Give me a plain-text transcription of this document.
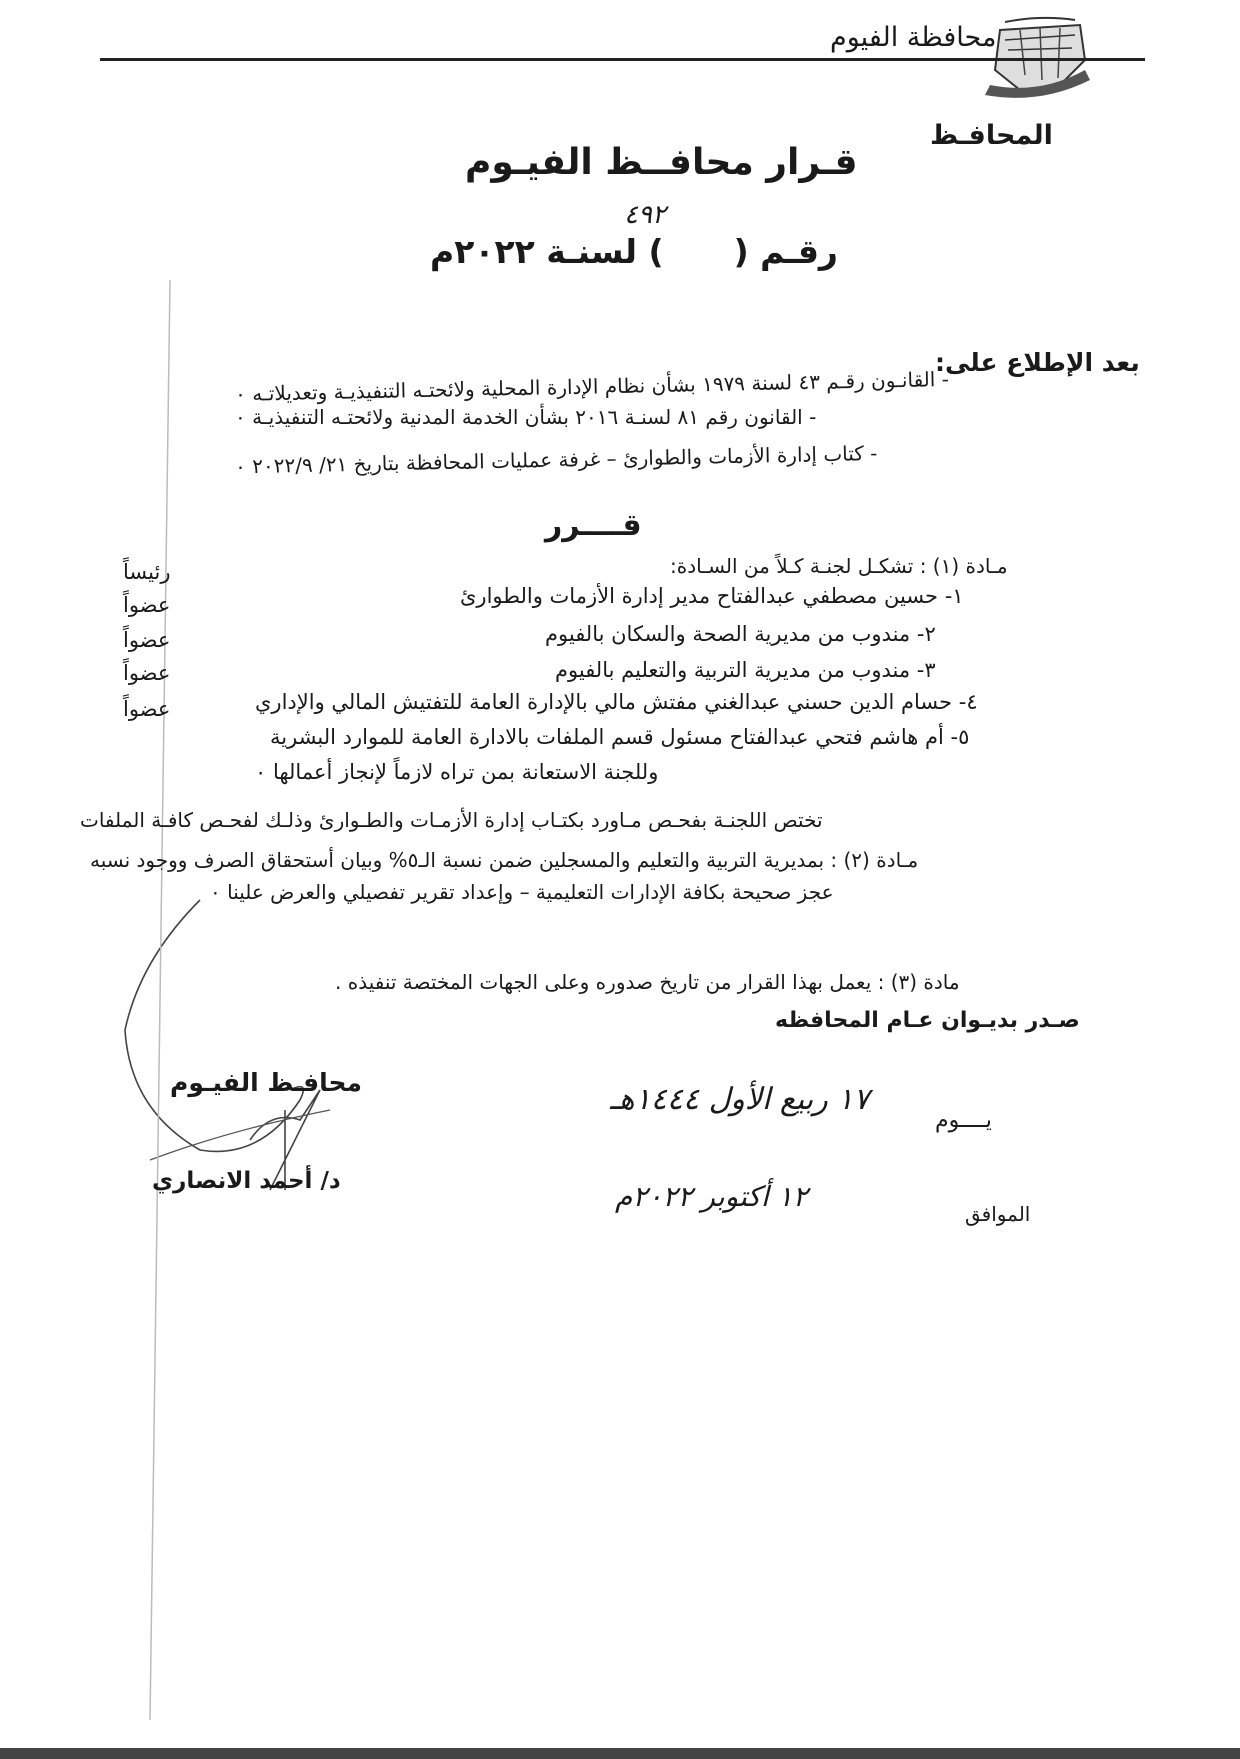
محافظة الفيوم
المحافـظ
قـرار محافــظ الفيـوم
٤٩٢
رقـم () لسنـة ٢٠٢٢م
بعد الإطلاع على:
- القانـون رقـم ٤٣ لسنة ١٩٧٩ بشأن نظام الإدارة المحلية ولائحتـه التنفيذيـة وتعديلاتـه ٠
- القانون رقم ٨١ لسنـة ٢٠١٦ بشأن الخدمة المدنية ولائحتـه التنفيذيـة ٠
- كتاب إدارة الأزمات والطوارئ – غرفة عمليات المحافظة بتاريخ ٢١/ ٢٠٢٢/٩ ٠
قــــرر
مـادة (١) : تشكـل لجنـة كـلاً من السـادة:
١- حسين مصطفي عبدالفتاح مدير إدارة الأزمات والطوارئ
٢- مندوب من مديرية الصحة والسكان بالفيوم
٣- مندوب من مديرية التربية والتعليم بالفيوم
٤- حسام الدين حسني عبدالغني مفتش مالي بالإدارة العامة للتفتيش المالي والإداري
٥- أم هاشم فتحي عبدالفتاح مسئول قسم الملفات بالادارة العامة للموارد البشرية
وللجنة الاستعانة بمن تراه لازماً لإنجاز أعمالها ٠
رئيساً
عضواً
عضواً
عضواً
عضواً
تختص اللجنـة بفحـص مـاورد بكتـاب إدارة الأزمـات والطـوارئ وذلـك لفحـص كافـة الملفات
مـادة (٢) : بمديرية التربية والتعليم والمسجلين ضمن نسبة الـ٥% وبيان أستحقاق الصرف ووجود نسبه
عجز صحيحة بكافة الإدارات التعليمية – وإعداد تقرير تفصيلي والعرض علينا ٠
مادة (٣) : يعمل بهذا القرار من تاريخ صدوره وعلى الجهات المختصة تنفيذه .
صـدر بديـوان عـام المحافظه
محافـظ الفيـوم
د/ أحمد الانصاري
يــــوم
١٧ ربيع الأول ١٤٤٤هـ
الموافق
١٢ أكتوبر ٢٠٢٢م
